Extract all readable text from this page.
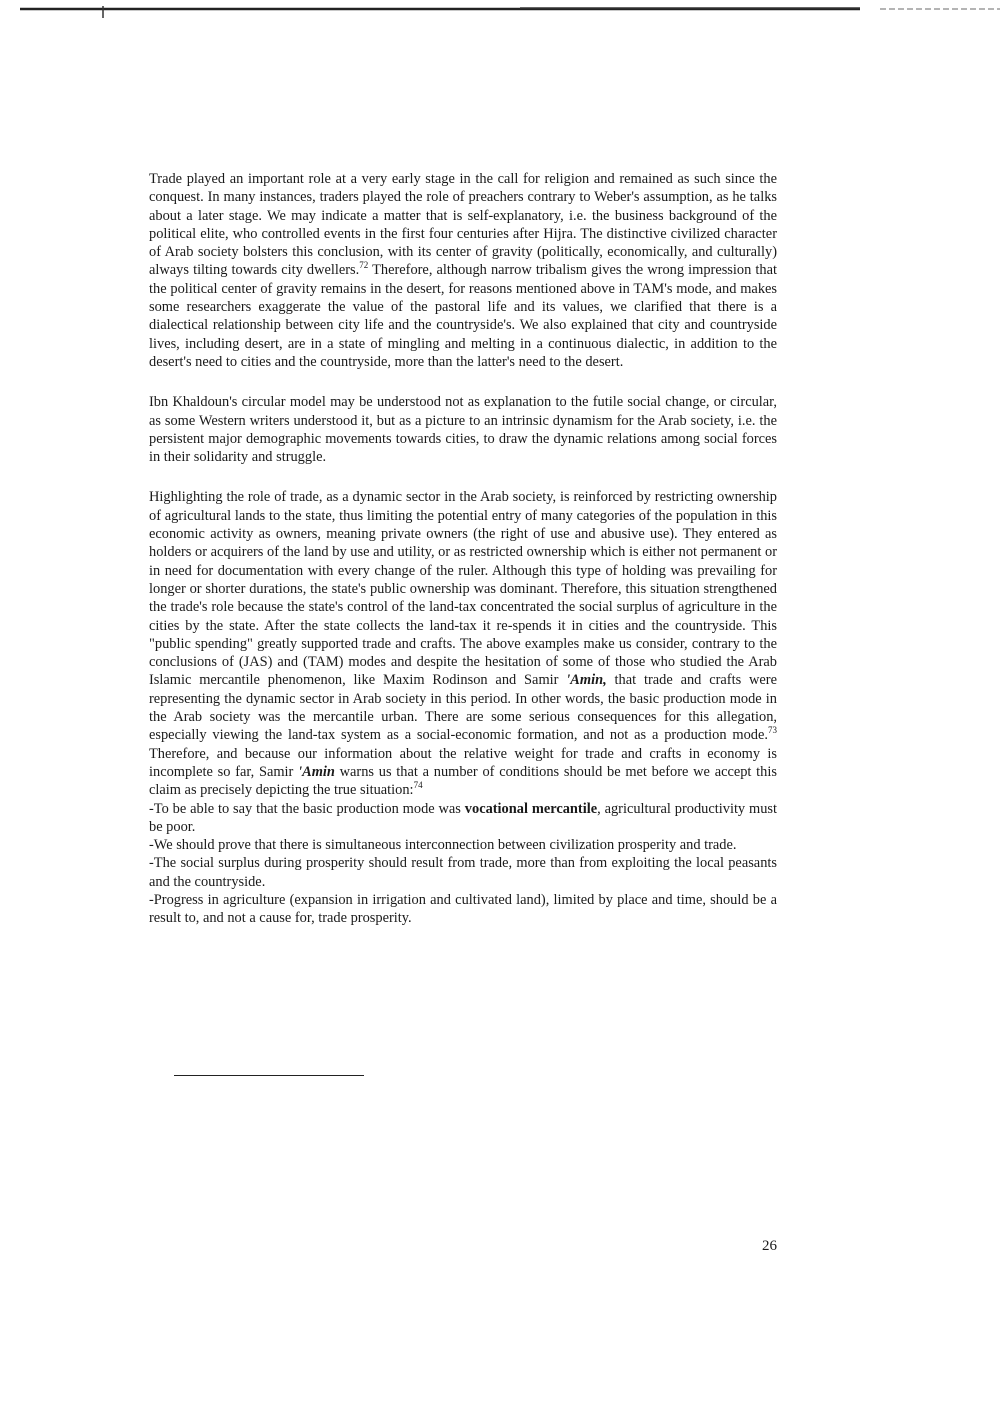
Trade played an important role at a very early stage in the call for religion and remained as such since the conquest. In many instances, traders played the role of preachers contrary to Weber's assumption, as he talks about a later stage. We may indicate a matter that is self-explanatory, i.e. the business background of the political elite, who controlled events in the first four centuries after Hijra. The distinctive civilized character of Arab society bolsters this conclusion, with its center of gravity (politically, economically, and culturally) always tilting towards city dwellers.$^{72}$ Therefore, although narrow tribalism gives the wrong impression that the political center of gravity remains in the desert, for reasons mentioned above in TAM's mode, and makes some researchers exaggerate the value of the pastoral life and its values, we clarified that there is a dialectical relationship between city life and the countryside's. We also explained that city and countryside lives, including desert, are in a state of mingling and melting in a continuous dialectic, in addition to the desert's need to cities and the countryside, more than the latter's need to the desert.

Ibn Khaldoun's circular model may be understood not as explanation to the futile social change, or circular, as some Western writers understood it, but as a picture to an intrinsic dynamism for the Arab society, i.e. the persistent major demographic movements towards cities, to draw the dynamic relations among social forces in their solidarity and struggle.

Highlighting the role of trade, as a dynamic sector in the Arab society, is reinforced by restricting ownership of agricultural lands to the state, thus limiting the potential entry of many categories of the population in this economic activity as owners, meaning private owners (the right of use and abusive use). They entered as holders or acquirers of the land by use and utility, or as restricted ownership which is either not permanent or in need for documentation with every change of the ruler. Although this type of holding was prevailing for longer or shorter durations, the state's public ownership was dominant. Therefore, this situation strengthened the trade's role because the state's control of the land-tax concentrated the social surplus of agriculture in the cities by the state. After the state collects the land-tax it re-spends it in cities and the countryside. This "public spending" greatly supported trade and crafts. The above examples make us consider, contrary to the conclusions of (JAS) and (TAM) modes and despite the hesitation of some of those who studied the Arab Islamic mercantile phenomenon, like Maxim Rodinson and Samir 'Amin, that trade and crafts were representing the dynamic sector in Arab society in this period. In other words, the basic production mode in the Arab society was the mercantile urban. There are some serious consequences for this allegation, especially viewing the land-tax system as a social-economic formation, and not as a production mode.$^{73}$ Therefore, and because our information about the relative weight for trade and crafts in economy is incomplete so far, Samir 'Amin warns us that a number of conditions should be met before we accept this claim as precisely depicting the true situation:$^{74}$

-To be able to say that the basic production mode was vocational mercantile, agricultural productivity must be poor.

-We should prove that there is simultaneous interconnection between civilization prosperity and trade.

-The social surplus during prosperity should result from trade, more than from exploiting the local peasants and the countryside.

-Progress in agriculture (expansion in irrigation and cultivated land), limited by place and time, should be a result to, and not a cause for, trade prosperity.

26
